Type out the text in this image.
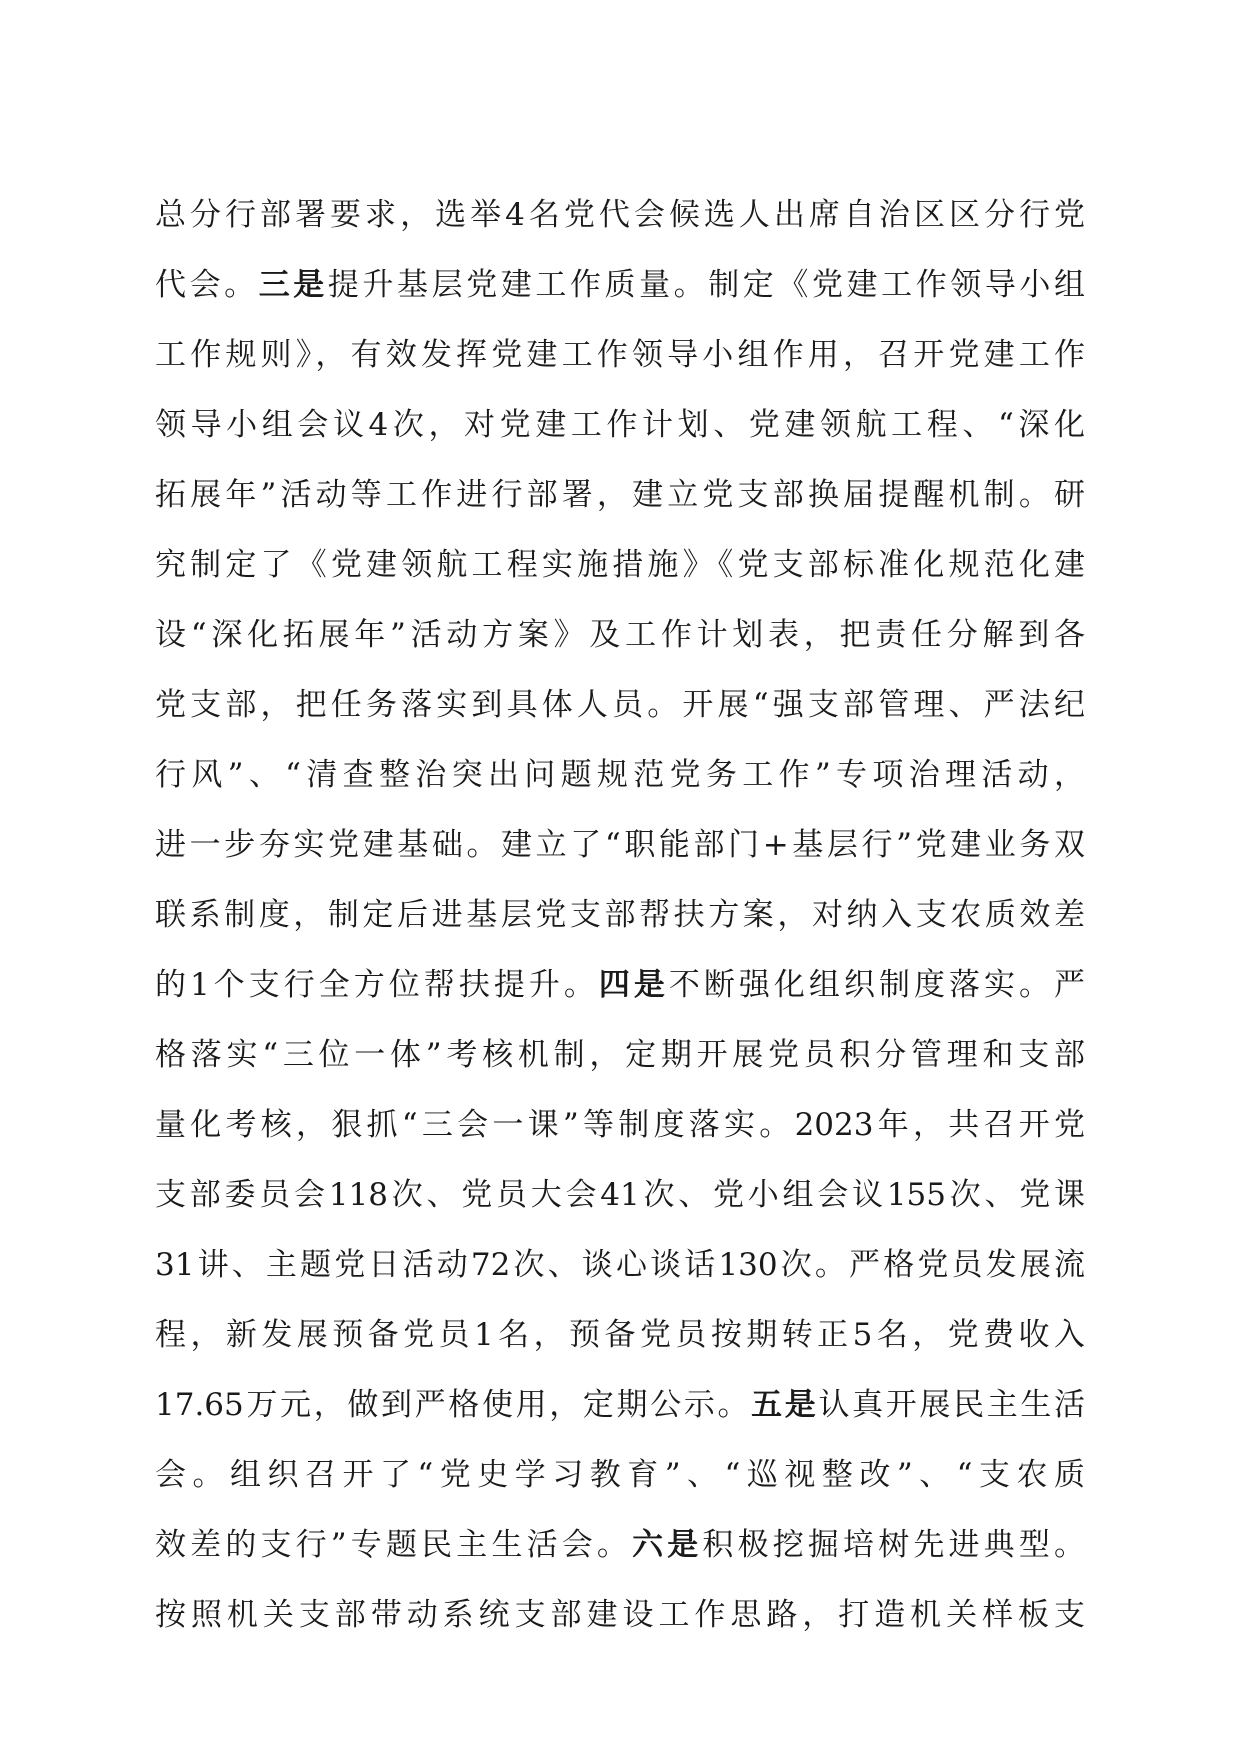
总分行部署要求，选举4名党代会候选人出席自治区区分行党
代会。三是提升基层党建工作质量。制定《党建工作领导小组
工作规则》，有效发挥党建工作领导小组作用，召开党建工作
领导小组会议4次，对党建工作计划、党建领航工程、“深化
拓展年”活动等工作进行部署，建立党支部换届提醒机制。研
究制定了《党建领航工程实施措施》《党支部标准化规范化建
设“深化拓展年”活动方案》及工作计划表，把责任分解到各
党支部，把任务落实到具体人员。开展“强支部管理、严法纪
行风”、“清查整治突出问题规范党务工作”专项治理活动，
进一步夯实党建基础。建立了“职能部门+基层行”党建业务双
联系制度，制定后进基层党支部帮扶方案，对纳入支农质效差
的1个支行全方位帮扶提升。四是不断强化组织制度落实。严
格落实“三位一体”考核机制，定期开展党员积分管理和支部
量化考核，狠抓“三会一课”等制度落实。2023年，共召开党
支部委员会118次、党员大会41次、党小组会议155次、党课
31讲、主题党日活动72次、谈心谈话130次。严格党员发展流
程，新发展预备党员1名，预备党员按期转正5名，党费收入
17.65万元，做到严格使用，定期公示。五是认真开展民主生活
会。组织召开了“党史学习教育”、“巡视整改”、“支农质
效差的支行”专题民主生活会。六是积极挖掘培树先进典型。
按照机关支部带动系统支部建设工作思路，打造机关样板支
